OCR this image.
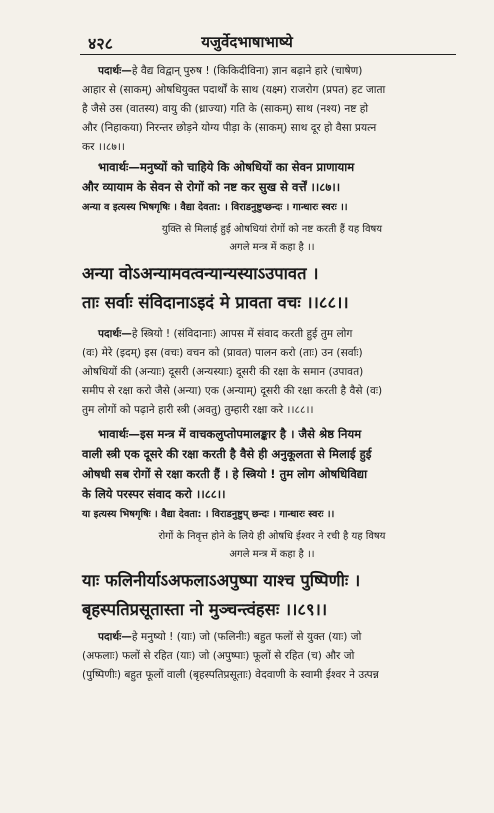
४२८	यजुर्वेदभाषाभाष्ये

पदार्थः—हे वैद्य विद्वान् पुरुष ! (किकिदीविना) ज्ञान बढ़ाने हारे (चाषेण)

आहार से (साकम्) ओषधियुक्त पदार्थों के साथ (यक्ष्म) राजरोग (प्रपत) हट जाता

है जैसे उस (वातस्य) वायु की (ध्राज्या) गति के (साकम्) साथ (नश्य) नष्ट हो

और (निहाकया) निरन्तर छोड़ने योग्य पीड़ा के (साकम्) साथ दूर हो वैसा प्रयत्न

कर ।।८७।।

भावार्थः—मनुष्यों को चाहिये कि ओषधियों का सेवन प्राणायाम

और व्यायाम के सेवन से रोगों को नष्ट कर सुख से वर्त्तें ।।८७।।

अन्या व इत्यस्य भिषगृषिः । वैद्या देवता: । विराडनुष्टुप्छन्दः । गान्धारः स्वरः ।।

युक्ति से मिलाई हुई ओषधियां रोगों को नष्ट करती हैं यह विषय

अगले मन्त्र में कहा है ।।

अन्या वोऽअन्यामवत्वन्यान्यस्याऽउपावत ।

ताः सर्वाः संविदानाऽइदं मे प्रावता वचः ।।८८।।

पदार्थः—हे स्त्रियो ! (संविदानाः) आपस में संवाद करती हुई तुम लोग

(वः) मेरे (इदम्) इस (वचः) वचन को (प्रावत) पालन करो (ताः) उन (सर्वाः)

ओषधियों की (अन्याः) दूसरी (अन्यस्याः) दूसरी की रक्षा के समान (उपावत)

समीप से रक्षा करो जैसे (अन्या) एक (अन्याम्) दूसरी की रक्षा करती है वैसे (वः)

तुम लोगों को पढ़ाने हारी स्त्री (अवतु) तुम्हारी रक्षा करे ।।८८।।

भावार्थः—इस मन्त्र में वाचकलुप्तोपमालङ्कार है । जैसे श्रेष्ठ नियम

वाली स्त्री एक दूसरे की रक्षा करती है वैसे ही अनुकूलता से मिलाई हुई

ओषधी सब रोगों से रक्षा करती हैं । हे स्त्रियो ! तुम लोग ओषधिविद्या

के लिये परस्पर संवाद करो ।।८८।।

या इत्यस्य भिषगृषिः । वैद्या देवता: । विराडनुष्टुप् छन्दः । गान्धारः स्वरः ।।

रोगों के निवृत्त होने के लिये ही ओषधि ईश्वर ने रची है यह विषय

अगले मन्त्र में कहा है ।।

याः फलिनीर्याऽअफलाऽअपुष्पा याश्च पुष्पिणीः ।

बृहस्पतिप्रसूतास्ता नो मुञ्चन्त्वंहसः ।।८९।।

पदार्थः—हे मनुष्यो ! (याः) जो (फलिनीः) बहुत फलों से युक्त (याः) जो

(अफलाः) फलों से रहित (याः) जो (अपुष्पाः) फूलों से रहित (च) और जो

(पुष्पिणीः) बहुत फूलों वाली (बृहस्पतिप्रसूताः) वेदवाणी के स्वामी ईश्वर ने उत्पन्न
